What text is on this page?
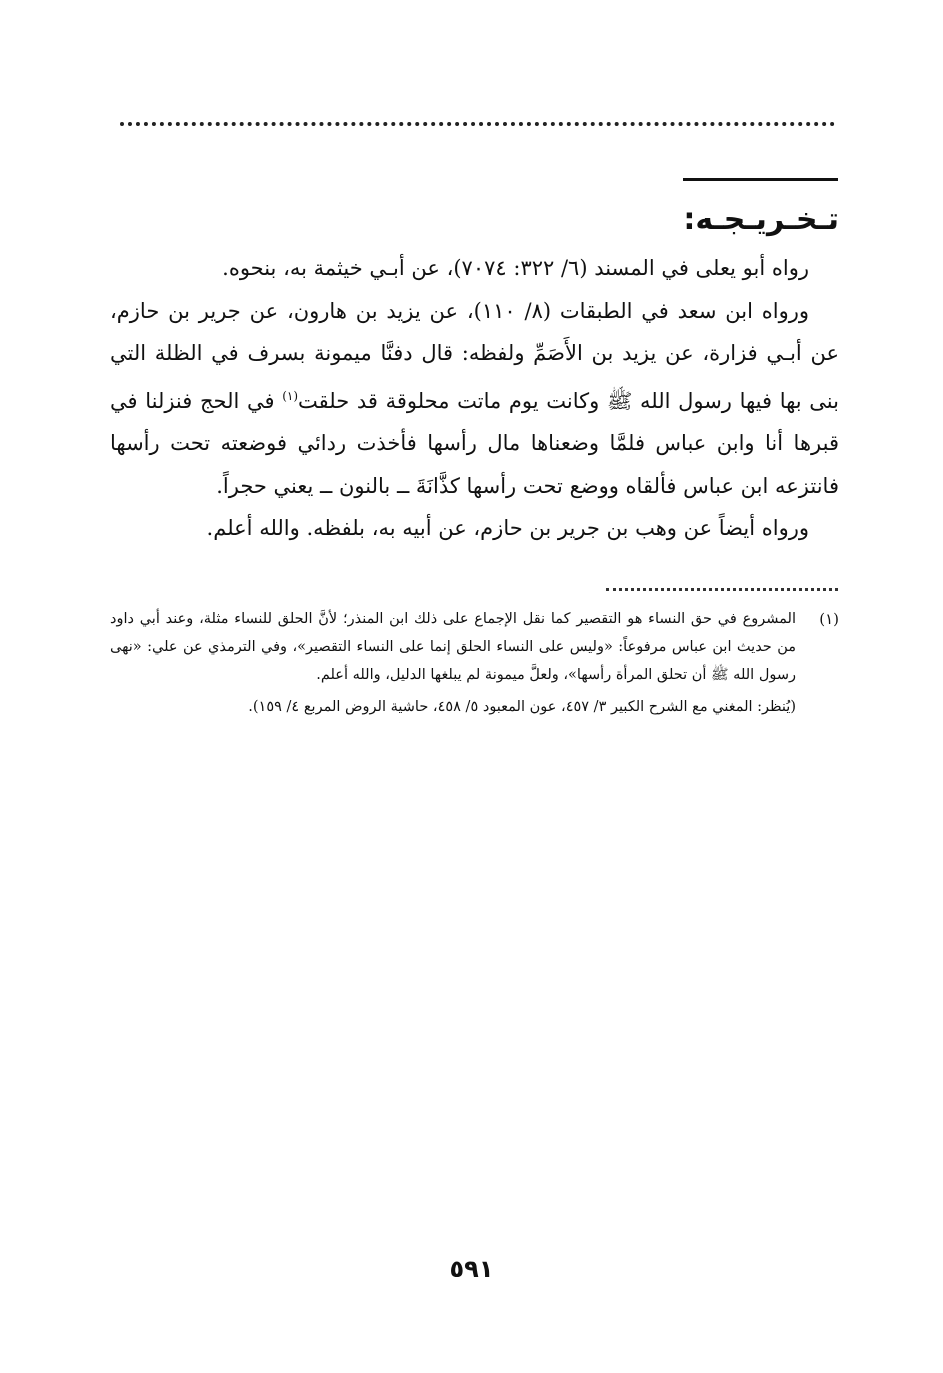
تـخـريـجـه:

رواه أبو يعلى في المسند (٦/ ٣٢٢: ٧٠٧٤)، عن أبـي خيثمة به، بنحوه.

ورواه ابن سعد في الطبقات (٨/ ١١٠)، عن يزيد بن هارون، عن جرير بن حازم، عن أبـي فزارة، عن يزيد بن الأَصَمِّ ولفظه: قال دفنَّا ميمونة بسرف في الظلة التي بنى بها فيها رسول الله ﷺ وكانت يوم ماتت محلوقة قد حلقت$^{(١)}$ في الحج فنزلنا في قبرها أنا وابن عباس فلمَّا وضعناها مال رأسها فأخذت ردائي فوضعته تحت رأسها فانتزعه ابن عباس فألقاه ووضع تحت رأسها كذَّانَةَ ــ بالنون ــ يعني حجراً.

ورواه أيضاً عن وهب بن جرير بن حازم، عن أبيه به، بلفظه. والله أعلم.

(١)

المشروع في حق النساء هو التقصير كما نقل الإجماع على ذلك ابن المنذر؛ لأنَّ الحلق للنساء مثلة، وعند أبي داود من حديث ابن عباس مرفوعاً: «وليس على النساء الحلق إنما على النساء التقصير»، وفي الترمذي عن علي: «نهى رسول الله ﷺ أن تحلق المرأة رأسها»، ولعلَّ ميمونة لم يبلغها الدليل، والله أعلم.

(يُنظر: المغني مع الشرح الكبير ٣/ ٤٥٧، عون المعبود ٥/ ٤٥٨، حاشية الروض المربع ٤/ ١٥٩).

٥٩١
